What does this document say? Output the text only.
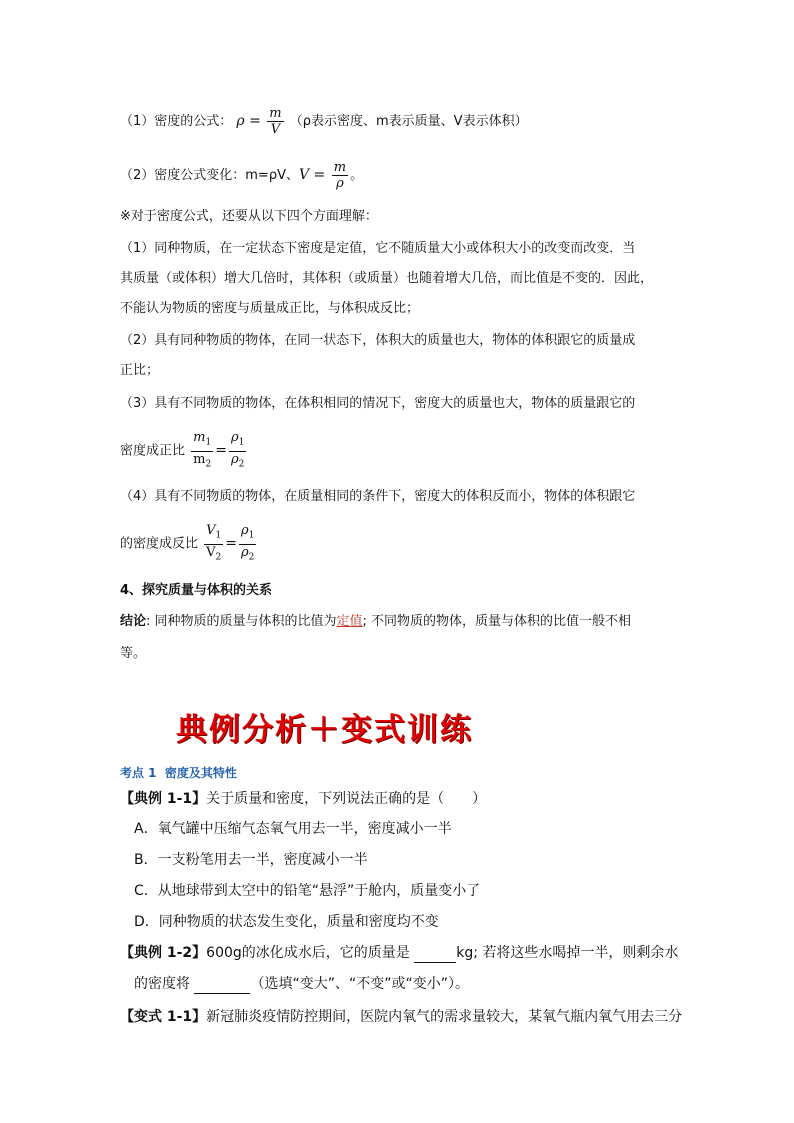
（1）密度的公式： $\rho = \frac{m}{V} (\rho$表示密度、m表示质量、V表示体积）
（2）密度公式变化：m=ρV、$V = \frac{m}{\rho}$ 。
※对于密度公式，还要从以下四个方面理解：
（1）同种物质，在一定状态下密度是定值，它不随质量大小或体积大小的改变而改变．当
其质量（或体积）增大几倍时，其体积（或质量）也随着增大几倍，而比值是不变的．因此，
不能认为物质的密度与质量成正比，与体积成反比；
（2）具有同种物质的物体，在同一状态下，体积大的质量也大，物体的体积跟它的质量成
正比；
（3）具有不同物质的物体，在体积相同的情况下，密度大的质量也大，物体的质量跟它的
密度成正比 $\frac{m_1}{m_2} = \frac{\rho_1}{\rho_2}$
（4）具有不同物质的物体，在质量相同的条件下，密度大的体积反而小，物体的体积跟它
的密度成反比 $\frac{V_1}{V_2} = \frac{\rho_1}{\rho_2}$
4、探究质量与体积的关系
结论: 同种物质的质量与体积的比值为定值; 不同物质的物体，质量与体积的比值一般不相
等。
典例分析＋变式训练
考点 1 密度及其特性
【典例 1-1】关于质量和密度，下列说法正确的是（　　）
A．氧气罐中压缩气态氧气用去一半，密度减小一半
B．一支粉笔用去一半，密度减小一半
C．从地球带到太空中的铅笔“悬浮”于舱内，质量变小了
D．同种物质的状态发生变化，质量和密度均不变
【典例 1-2】600g的冰化成水后，它的质量是	kg; 若将这些水喝掉一半，则剩余水
的密度将	（选填“变大”、“不变”或“变小”）。
【变式 1-1】新冠肺炎疫情防控期间，医院内氧气的需求量较大，某氧气瓶内氧气用去三分
